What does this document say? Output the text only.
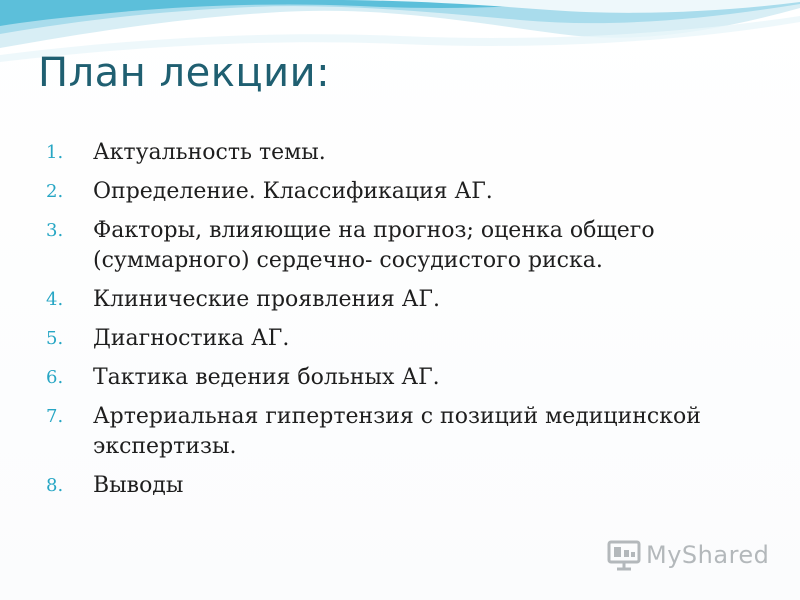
План лекции:
1.	Актуальность темы.
2.	Определение. Классификация АГ.
3.	Факторы, влияющие на прогноз; оценка общего (суммарного) сердечно- сосудистого риска.
4.	Клинические проявления АГ.
5.	Диагностика АГ.
6.	Тактика ведения больных АГ.
7.	Артериальная гипертензия с позиций медицинской экспертизы.
8.	Выводы
MyShared
